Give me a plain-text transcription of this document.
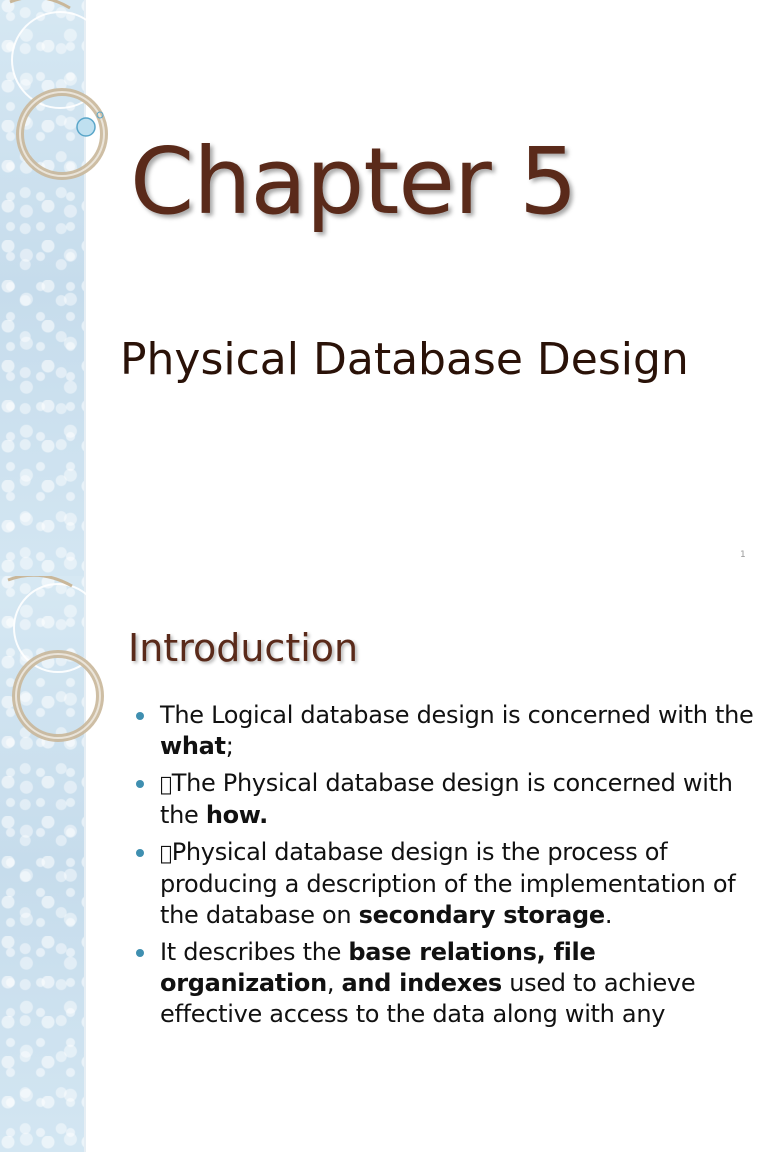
Chapter 5
Physical Database Design
1
Introduction
The Logical database design is concerned with the what;
The Physical database design is concerned with the how.
Physical database design is the process of producing a description of the implementation of the database on secondary storage.
It describes the base relations, file organization, and indexes used to achieve effective access to the data along with any
